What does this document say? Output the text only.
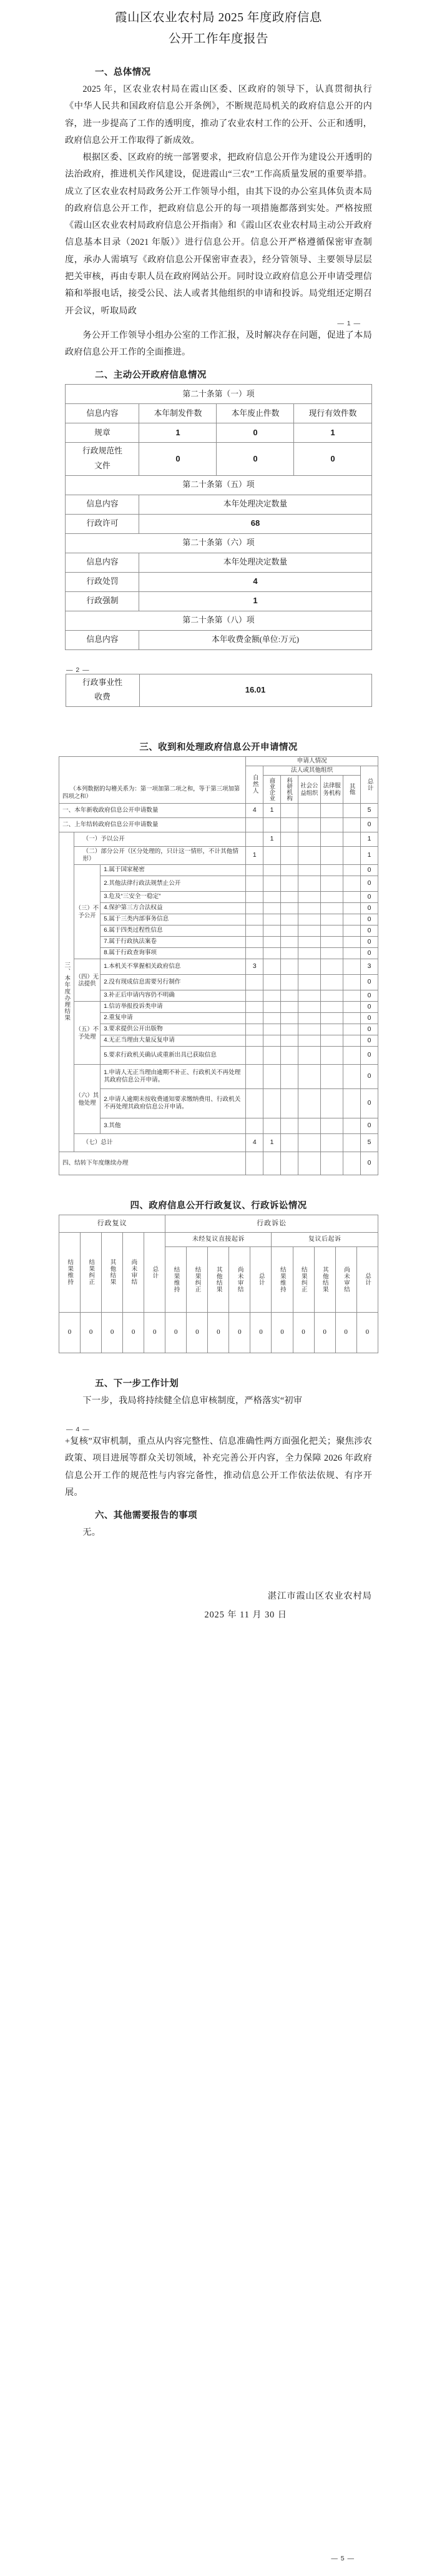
霞山区农业农村局 2025 年度政府信息
公开工作年度报告
一、总体情况

2025 年，区农业农村局在霞山区委、区政府的领导下，认真贯彻执行《中华人民共和国政府信息公开条例》，不断规范局机关的政府信息公开的内容，进一步提高了工作的透明度，推动了农业农村工作的公开、公正和透明，政府信息公开工作取得了新成效。

根据区委、区政府的统一部署要求，把政府信息公开作为建设公开透明的法治政府，推进机关作风建设，促进霞山“三农”工作高质量发展的重要举措。成立了区农业农村局政务公开工作领导小组，由其下设的办公室具体负责本局的政府信息公开工作，把政府信息公开的每一项措施都落到实处。严格按照《霞山区农业农村局政府信息公开指南》和《霞山区农业农村局主动公开政府信息基本目录（2021 年版）》进行信息公开。信息公开严格遵循保密审查制度，承办人需填写《政府信息公开保密审查表》，经分管领导、主要领导层层把关审核，再由专职人员在政府网站公开。同时设立政府信息公开申请受理信箱和举报电话，接受公民、法人或者其他组织的申请和投诉。局党组还定期召开会议，听取局政

— 1 —

务公开工作领导小组办公室的工作汇报，及时解决存在问题，促进了本局政府信息公开工作的全面推进。

二、主动公开政府信息情况
第二十条第（一）项			
信息内容	本年制发件数	本年废止件数	现行有效件数
规章	1	0	1
行政规范性
文件	0	0	0
第二十条第（五）项			
信息内容	本年处理决定数量		
行政许可	68		
第二十条第（六）项			
信息内容	本年处理决定数量		
行政处罚	4		
行政强制	1		
第二十条第（八）项			
信息内容	本年收费金额(单位:万元)		
— 2 —
行政事业性
收费	16.01
三、收到和处理政府信息公开申请情况
（本列数据的勾稽关系为：第一项加第二项之和，等于第三项加第四项之和）			申请人情况						
			自然人	法人或其他组织					总计
				商业企业	科研机构	社会公益组织	法律服务机构	其他	
一、本年新收政府信息公开申请数量			4	1					5
二、上年结转政府信息公开申请数量									0
三、本年度办理结果	（一）予以公开			1					1
	（二）部分公开（区分处理的，只计这一情形，不计其他情形）		1						1
	（三）不予公开	1.属于国家秘密							0
		2.其他法律行政法规禁止公开							0
		3.危及“三安全一稳定”							0
		4.保护第三方合法权益							0
		5.属于三类内部事务信息							0
		6.属于四类过程性信息							0
		7.属于行政执法案卷							0
		8.属于行政查询事项							0
	（四）无法提供	1.本机关不掌握相关政府信息	3						3
		2.没有现成信息需要另行制作							0
		3.补正后申请内容仍不明确							0
	（五）不予处理	1.信访举报投诉类申请							0
		2.重复申请							0
		3.要求提供公开出版物							0
		4.无正当理由大量反复申请							0
		5.要求行政机关确认或重新出具已获取信息							0
	（六）其他处理	1.申请人无正当理由逾期不补正、行政机关不再处理其政府信息公开申请。							0
		2.申请人逾期未按收费通知要求缴纳费用、行政机关不再处理其政府信息公开申请。							0
		3.其他							0
	（七）总计		4	1					5
四、结转下年度继续办理									0
四、政府信息公开行政复议、行政诉讼情况
行政复议					行政诉讼									
结果维持	结果纠正	其他结果	尚未审结	总计	未经复议直接起诉					复议后起诉				
					结果维持	结果纠正	其他结果	尚未审结	总计	结果维持	结果纠正	其他结果	尚未审结	总计
0	0	0	0	0	0	0	0	0	0	0	0	0	0	0
五、下一步工作计划

下一步，我局将持续健全信息审核制度，严格落实“初审

— 4 —

+复核”双审机制，重点从内容完整性、信息准确性两方面强化把关；聚焦涉农政策、项目进展等群众关切领域，补充完善公开内容，全力保障 2026 年政府信息公开工作的规范性与内容完备性，推动信息公开工作依法依规、有序开展。

六、其他需要报告的事项

无。

湛江市霞山区农业农村局
2025 年 11 月 30 日
— 5 —
